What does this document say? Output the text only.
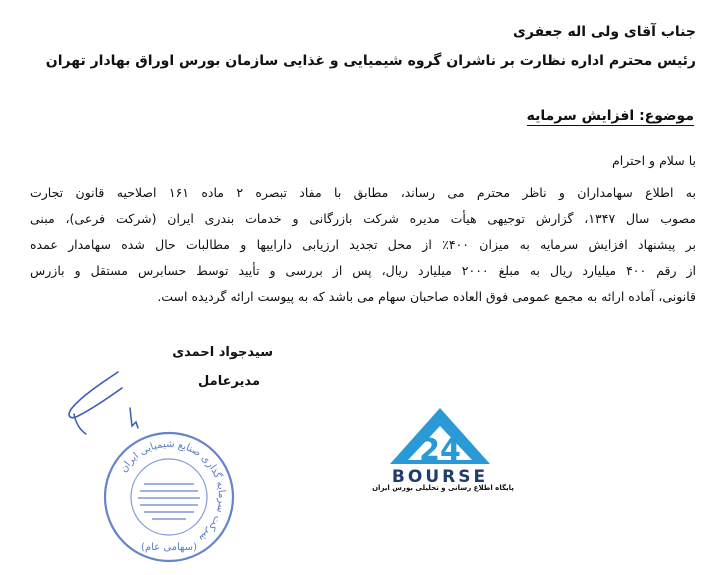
جناب آقای ولی اله جعفری
رئیس محترم اداره نظارت بر ناشران گروه شیمیایی و غذایی سازمان بورس اوراق بهادار تهران
موضوع: افزایش سرمایه
با سلام و احترام
به اطلاع سهامداران و ناظر محترم می رساند، مطابق با مفاد تبصره ۲ ماده ۱۶۱ اصلاحیه قانون تجارت
مصوب سال ۱۳۴۷، گزارش توجیهی هیأت مدیره شرکت بازرگانی و خدمات بندری ایران (شرکت فرعی)، مبنی
بر پیشنهاد افزایش سرمایه به میزان ۴۰۰٪ از محل تجدید ارزیابی داراییها و مطالبات حال شده سهامدار عمده
از رقم ۴۰۰ میلیارد ریال به مبلغ ۲۰۰۰ میلیارد ریال، پس از بررسی و تأیید توسط حسابرس مستقل و بازرس
قانونی، آماده ارائه به مجمع عمومی فوق العاده صاحبان سهام می باشد که به پیوست ارائه گردیده است.
سیدجواد احمدی
مدیرعامل
شرکت سرمایه گذاری صنایع شیمیایی ایران
(سهامی عام)
24
BOURSE
پایگاه اطلاع رسانی و تحلیلی بورس ایران
